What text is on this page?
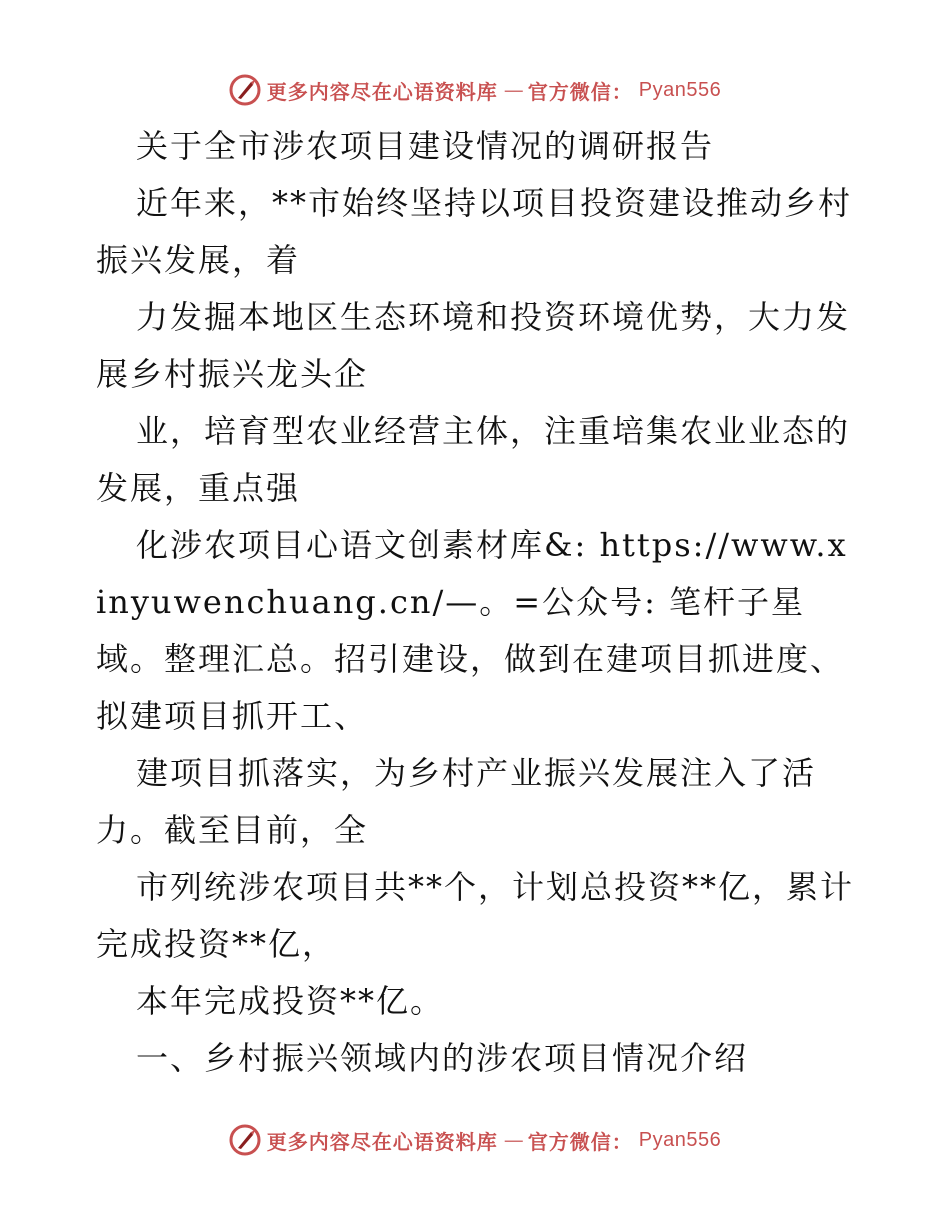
更多内容尽在心语资料库 — 官方微信： Pyan556

关于全市涉农项目建设情况的调研报告

近年来，**市始终坚持以项目投资建设推动乡村振兴发展，着

力发掘本地区生态环境和投资环境优势，大力发展乡村振兴龙头企

业，培育型农业经营主体，注重培集农业业态的发展，重点强

化涉农项目心语文创素材库&: https://www.xinyuwenchuang.cn/—。=公众号: 笔杆子星域。整理汇总。招引建设，做到在建项目抓进度、拟建项目抓开工、

建项目抓落实，为乡村产业振兴发展注入了活力。截至目前，全

市列统涉农项目共**个，计划总投资**亿，累计完成投资**亿，

本年完成投资**亿。

一、乡村振兴领域内的涉农项目情况介绍

更多内容尽在心语资料库 — 官方微信： Pyan556
